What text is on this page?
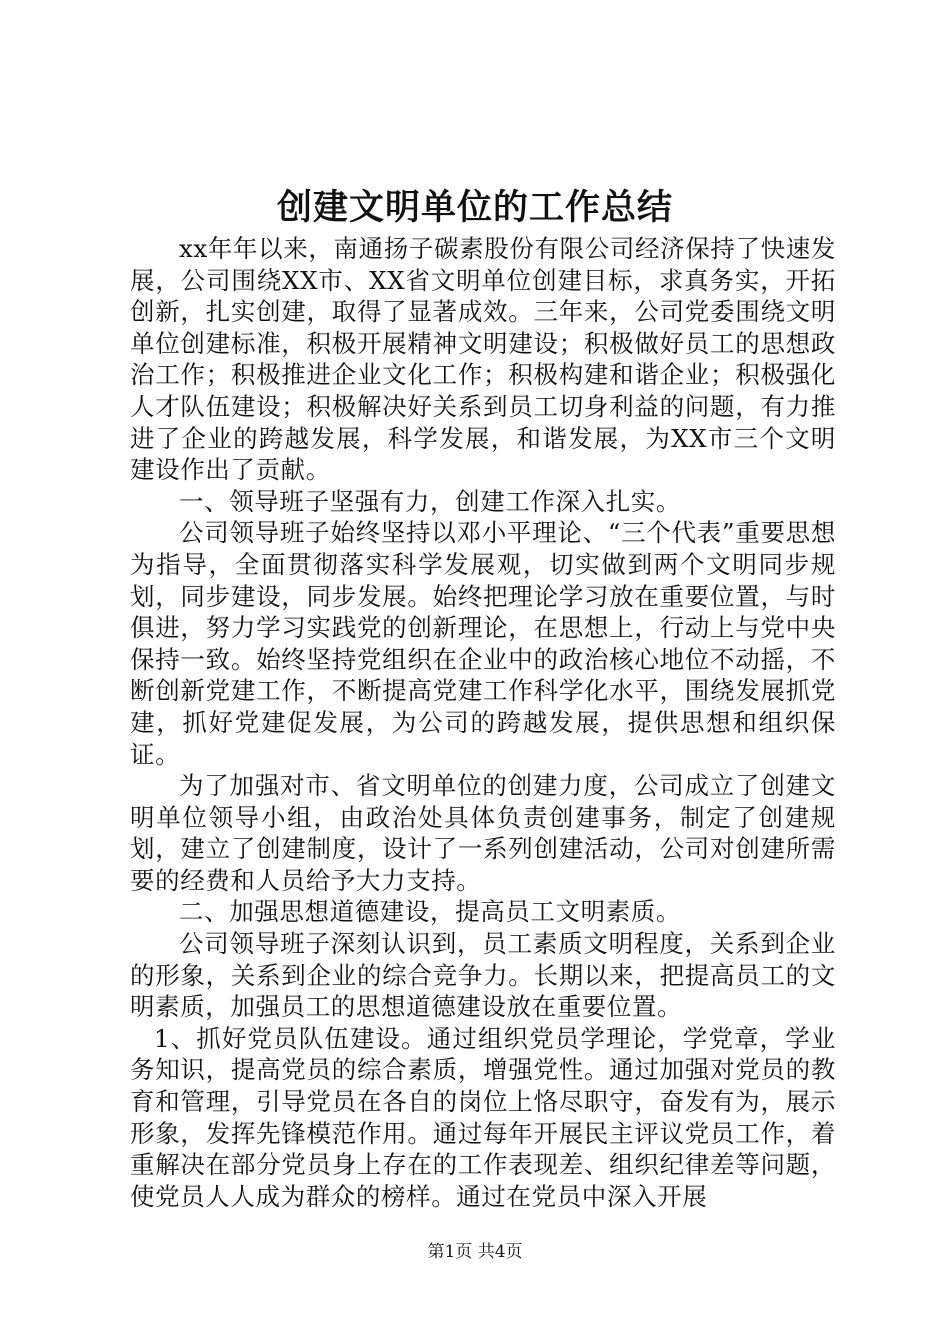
创建文明单位的工作总结

xx年年以来，南通扬子碳素股份有限公司经济保持了快速发展，公司围绕XX市、XX省文明单位创建目标，求真务实，开拓创新，扎实创建，取得了显著成效。三年来，公司党委围绕文明单位创建标准，积极开展精神文明建设；积极做好员工的思想政治工作；积极推进企业文化工作；积极构建和谐企业；积极强化人才队伍建设；积极解决好关系到员工切身利益的问题，有力推进了企业的跨越发展，科学发展，和谐发展，为XX市三个文明建设作出了贡献。

一、领导班子坚强有力，创建工作深入扎实。

公司领导班子始终坚持以邓小平理论、“三个代表”重要思想为指导，全面贯彻落实科学发展观，切实做到两个文明同步规划，同步建设，同步发展。始终把理论学习放在重要位置，与时俱进，努力学习实践党的创新理论，在思想上，行动上与党中央保持一致。始终坚持党组织在企业中的政治核心地位不动摇，不断创新党建工作，不断提高党建工作科学化水平，围绕发展抓党建，抓好党建促发展，为公司的跨越发展，提供思想和组织保证。

为了加强对市、省文明单位的创建力度，公司成立了创建文明单位领导小组，由政治处具体负责创建事务，制定了创建规划，建立了创建制度，设计了一系列创建活动，公司对创建所需要的经费和人员给予大力支持。

二、加强思想道德建设，提高员工文明素质。

公司领导班子深刻认识到，员工素质文明程度，关系到企业的形象，关系到企业的综合竞争力。长期以来，把提高员工的文明素质，加强员工的思想道德建设放在重要位置。

1、抓好党员队伍建设。通过组织党员学理论，学党章，学业务知识，提高党员的综合素质，增强党性。通过加强对党员的教育和管理，引导党员在各自的岗位上恪尽职守，奋发有为，展示形象，发挥先锋模范作用。通过每年开展民主评议党员工作，着重解决在部分党员身上存在的工作表现差、组织纪律差等问题，使党员人人成为群众的榜样。通过在党员中深入开展

第1页 共4页
